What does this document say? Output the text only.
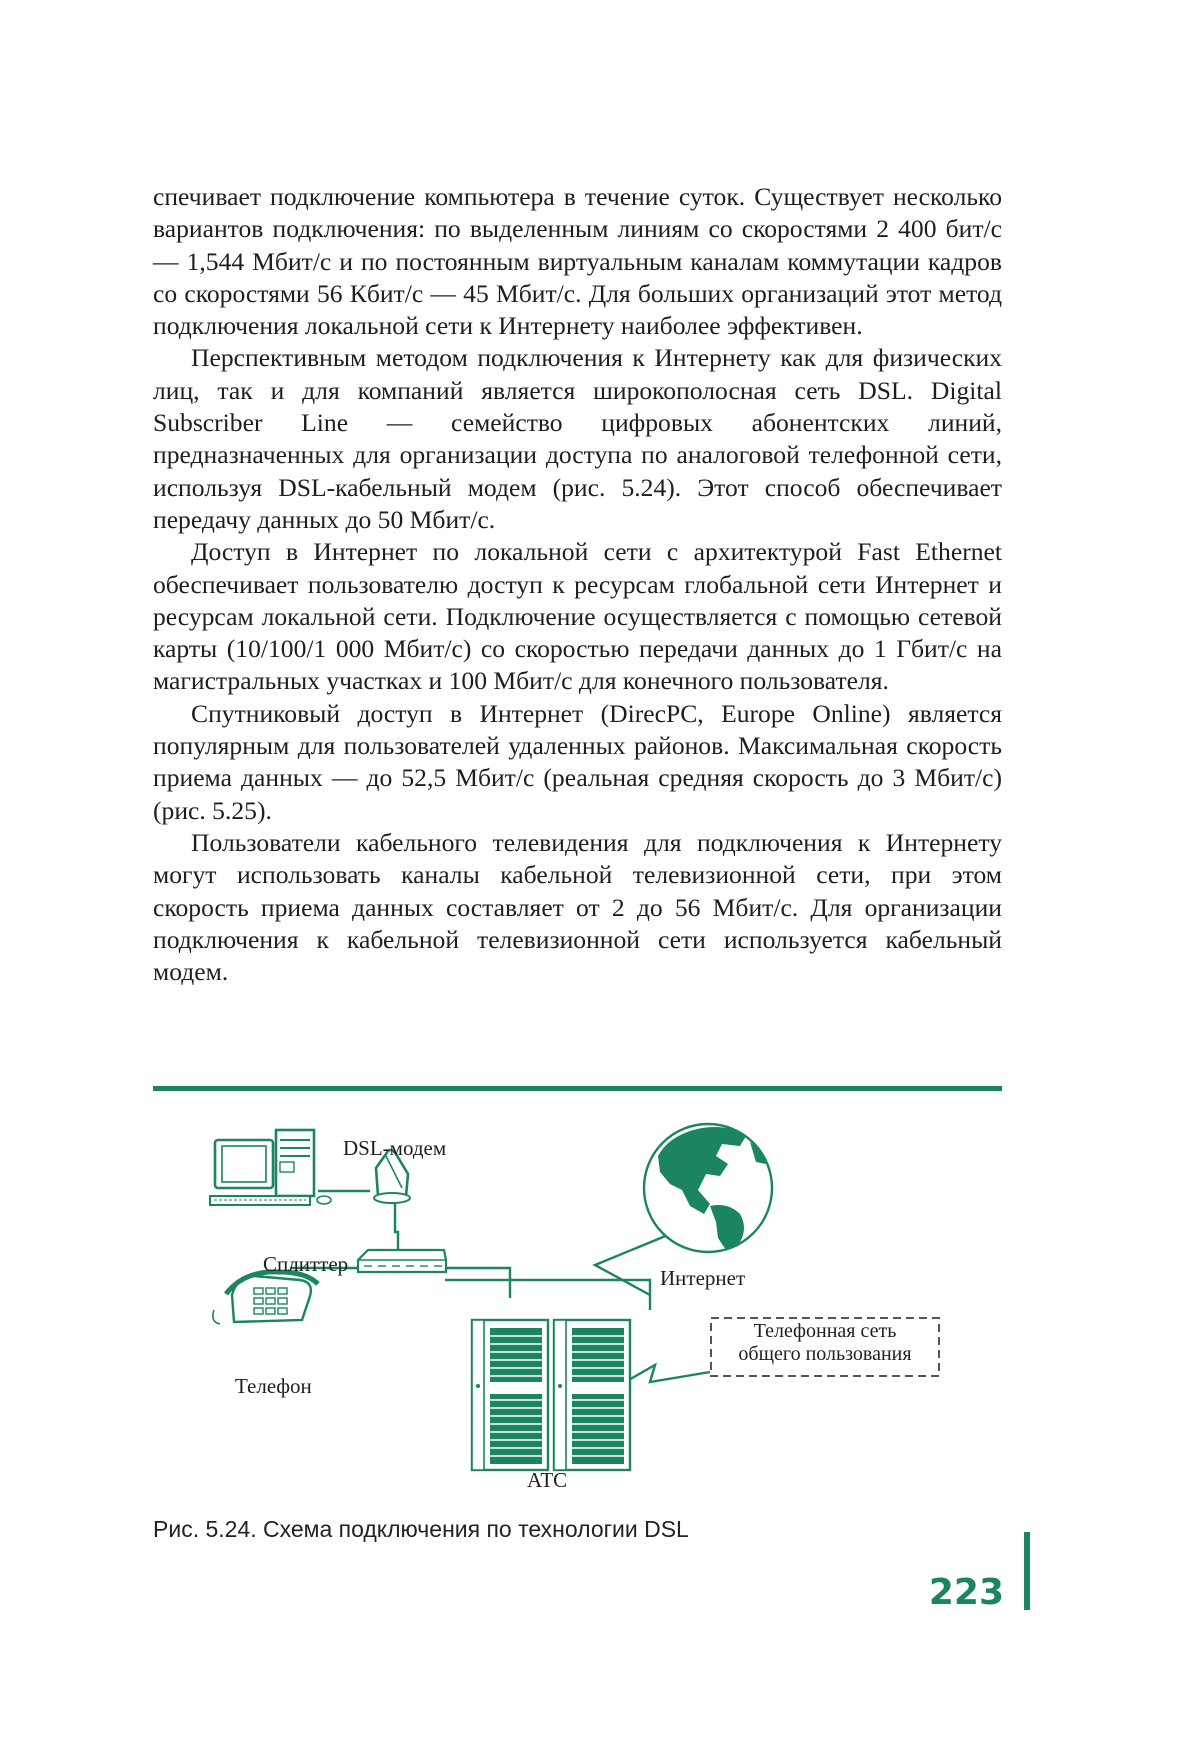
спечивает подключение компьютера в течение суток. Существует несколько вариантов подключения: по выделенным линиям со скоростями 2 400 бит/с — 1,544 Мбит/с и по постоянным виртуальным каналам коммутации кадров со скоростями 56 Кбит/с — 45 Мбит/с. Для больших организаций этот метод подключения локальной сети к Интернету наиболее эффективен.

Перспективным методом подключения к Интернету как для физических лиц, так и для компаний является широкополосная сеть DSL. Digital Subscriber Line — семейство цифровых абонентских линий, предназначенных для организации доступа по аналоговой телефонной сети, используя DSL-кабельный модем (рис. 5.24). Этот способ обеспечивает передачу данных до 50 Мбит/с.

Доступ в Интернет по локальной сети с архитектурой Fast Ethernet обеспечивает пользователю доступ к ресурсам глобальной сети Интернет и ресурсам локальной сети. Подключение осуществляется с помощью сетевой карты (10/100/1 000 Мбит/с) со скоростью передачи данных до 1 Гбит/с на магистральных участках и 100 Мбит/с для конечного пользователя.

Спутниковый доступ в Интернет (DirecPC, Europe Online) является популярным для пользователей удаленных районов. Максимальная скорость приема данных — до 52,5 Мбит/с (реальная средняя скорость до 3 Мбит/с) (рис. 5.25).

Пользователи кабельного телевидения для подключения к Интернету могут использовать каналы кабельной телевизионной сети, при этом скорость приема данных составляет от 2 до 56 Мбит/с. Для организации подключения к кабельной телевизионной сети используется кабельный модем.

DSL-модем
Сплиттер
Телефон
Интернет
АТС
Телефонная сеть
общего пользования
Рис. 5.24. Схема подключения по технологии DSL
223
